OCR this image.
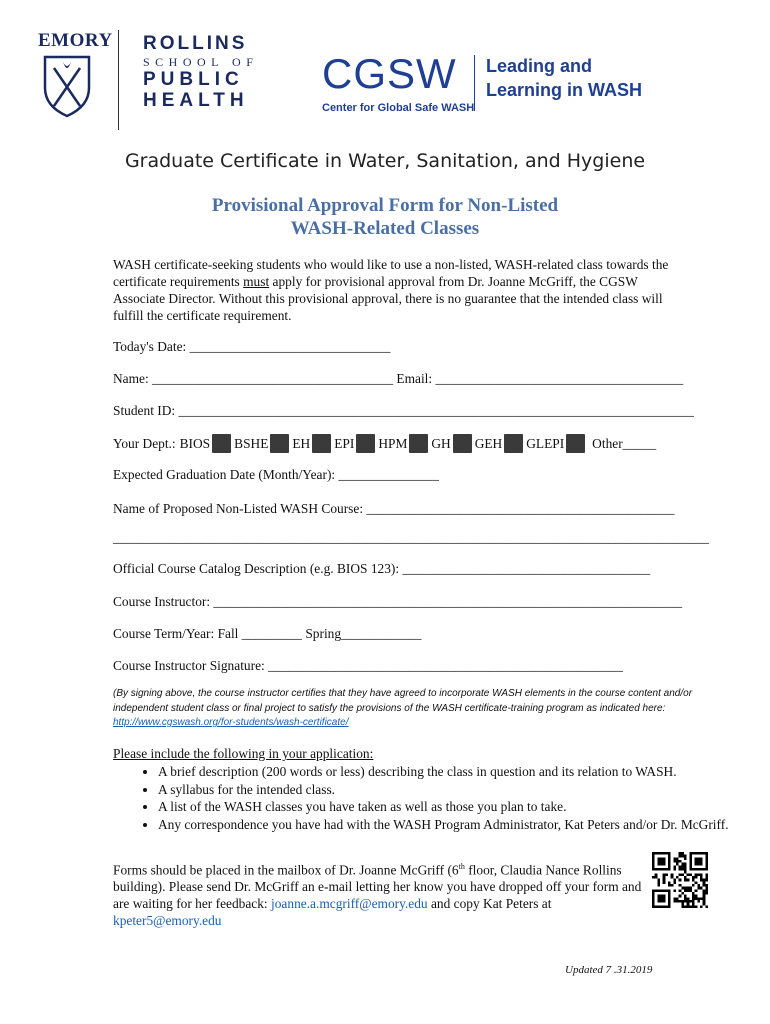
EMORY ROLLINS
SCHOOL OF
PUBLIC
HEALTH
CGSW
Center for Global Safe WASH
Leading and
Learning in WASH
Graduate Certificate in Water, Sanitation, and Hygiene
Provisional Approval Form for Non-Listed
WASH-Related Classes
WASH certificate-seeking students who would like to use a non-listed, WASH-related class towards the certificate requirements must apply for provisional approval from Dr. Joanne McGriff, the CGSW Associate Director. Without this provisional approval, there is no guarantee that the intended class will fulfill the certificate requirement.
Today's Date: ______________________________
Name: ____________________________________ Email: _____________________________________
Student ID: _____________________________________________________________________________
Your Dept.: BIOS BSHE EH EPI HPM GH GEH GLEPI Other_____
Expected Graduation Date (Month/Year): _______________
Name of Proposed Non-Listed WASH Course: ______________________________________________
_________________________________________________________________________________________
Official Course Catalog Description (e.g. BIOS 123): _____________________________________
Course Instructor: ______________________________________________________________________
Course Term/Year: Fall _________ Spring____________
Course Instructor Signature: _____________________________________________________
(By signing above, the course instructor certifies that they have agreed to incorporate WASH elements in the course content and/or independent student class or final project to satisfy the provisions of the WASH certificate-training program as indicated here: http://www.cgswash.org/for-students/wash-certificate/
Please include the following in your application:
• A brief description (200 words or less) describing the class in question and its relation to WASH.
• A syllabus for the intended class.
• A list of the WASH classes you have taken as well as those you plan to take.
• Any correspondence you have had with the WASH Program Administrator, Kat Peters and/or Dr. McGriff.
Forms should be placed in the mailbox of Dr. Joanne McGriff (6th floor, Claudia Nance Rollins building). Please send Dr. McGriff an e-mail letting her know you have dropped off your form and are waiting for her feedback: joanne.a.mcgriff@emory.edu and copy Kat Peters at kpeter5@emory.edu
Updated 7 .31.2019
